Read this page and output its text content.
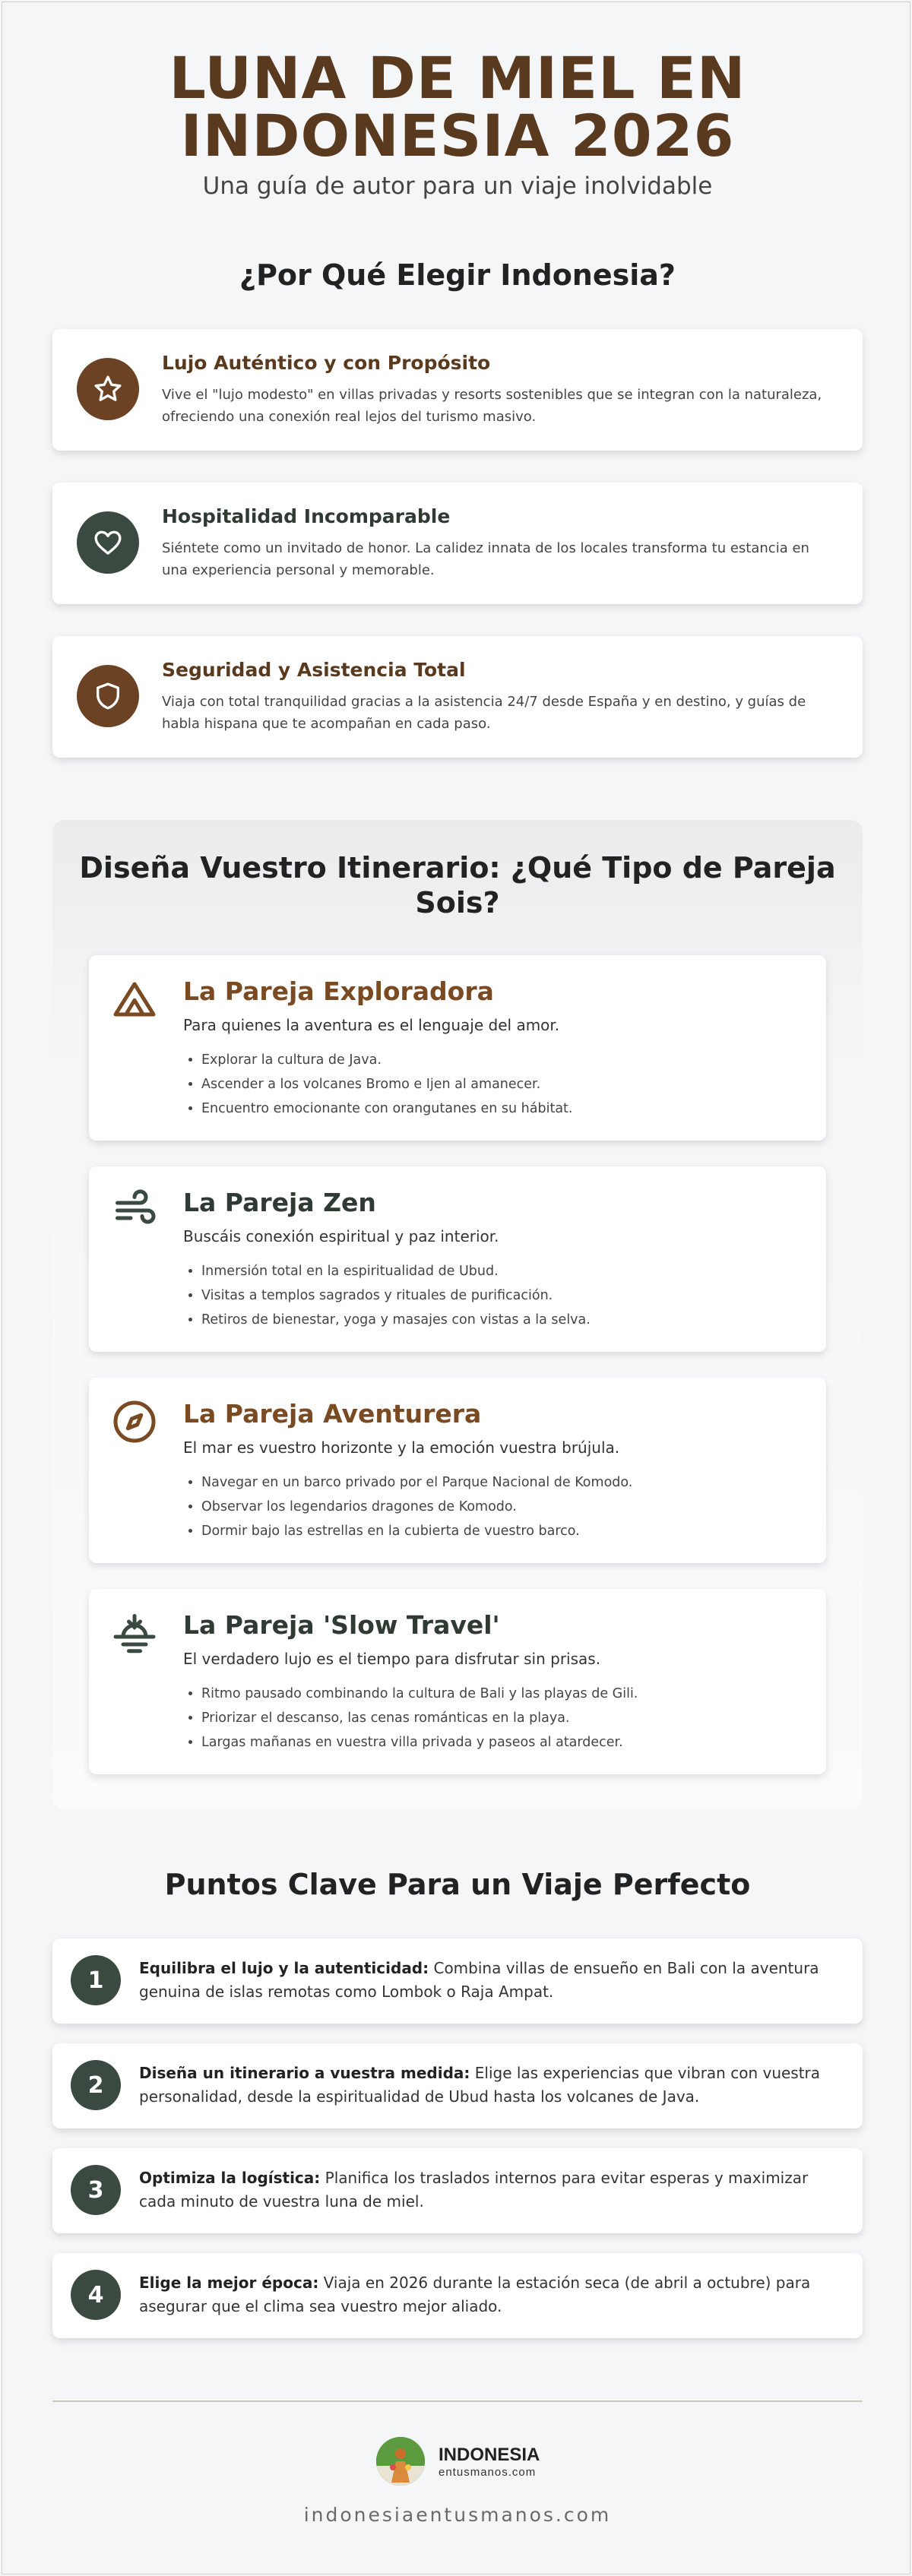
LUNA DE MIEL EN
INDONESIA 2026
Una guía de autor para un viaje inolvidable
¿Por Qué Elegir Indonesia?
Lujo Auténtico y con Propósito

Vive el "lujo modesto" en villas privadas y resorts sostenibles que se integran con la naturaleza, ofreciendo una conexión real lejos del turismo masivo.

Hospitalidad Incomparable

Siéntete como un invitado de honor. La calidez innata de los locales transforma tu estancia en una experiencia personal y memorable.

Seguridad y Asistencia Total

Viaja con total tranquilidad gracias a la asistencia 24/7 desde España y en destino, y guías de habla hispana que te acompañan en cada paso.

Diseña Vuestro Itinerario: ¿Qué Tipo de Pareja
Sois?
La Pareja Exploradora
Para quienes la aventura es el lenguaje del amor.
• Explorar la cultura de Java.
• Ascender a los volcanes Bromo e Ijen al amanecer.
• Encuentro emocionante con orangutanes en su hábitat.
La Pareja Zen
Buscáis conexión espiritual y paz interior.
• Inmersión total en la espiritualidad de Ubud.
• Visitas a templos sagrados y rituales de purificación.
• Retiros de bienestar, yoga y masajes con vistas a la selva.
La Pareja Aventurera
El mar es vuestro horizonte y la emoción vuestra brújula.
• Navegar en un barco privado por el Parque Nacional de Komodo.
• Observar los legendarios dragones de Komodo.
• Dormir bajo las estrellas en la cubierta de vuestro barco.
La Pareja 'Slow Travel'
El verdadero lujo es el tiempo para disfrutar sin prisas.
• Ritmo pausado combinando la cultura de Bali y las playas de Gili.
• Priorizar el descanso, las cenas románticas en la playa.
• Largas mañanas en vuestra villa privada y paseos al atardecer.
Puntos Clave Para un Viaje Perfecto
1	Equilibra el lujo y la autenticidad: Combina villas de ensueño en Bali con la aventura genuina de islas remotas como Lombok o Raja Ampat.

2	Diseña un itinerario a vuestra medida: Elige las experiencias que vibran con vuestra personalidad, desde la espiritualidad de Ubud hasta los volcanes de Java.

3	Optimiza la logística: Planifica los traslados internos para evitar esperas y maximizar cada minuto de vuestra luna de miel.

4	Elige la mejor época: Viaja en 2026 durante la estación seca (de abril a octubre) para asegurar que el clima sea vuestro mejor aliado.

INDONESIA
entusmanos.com
indonesiaentusmanos.com
